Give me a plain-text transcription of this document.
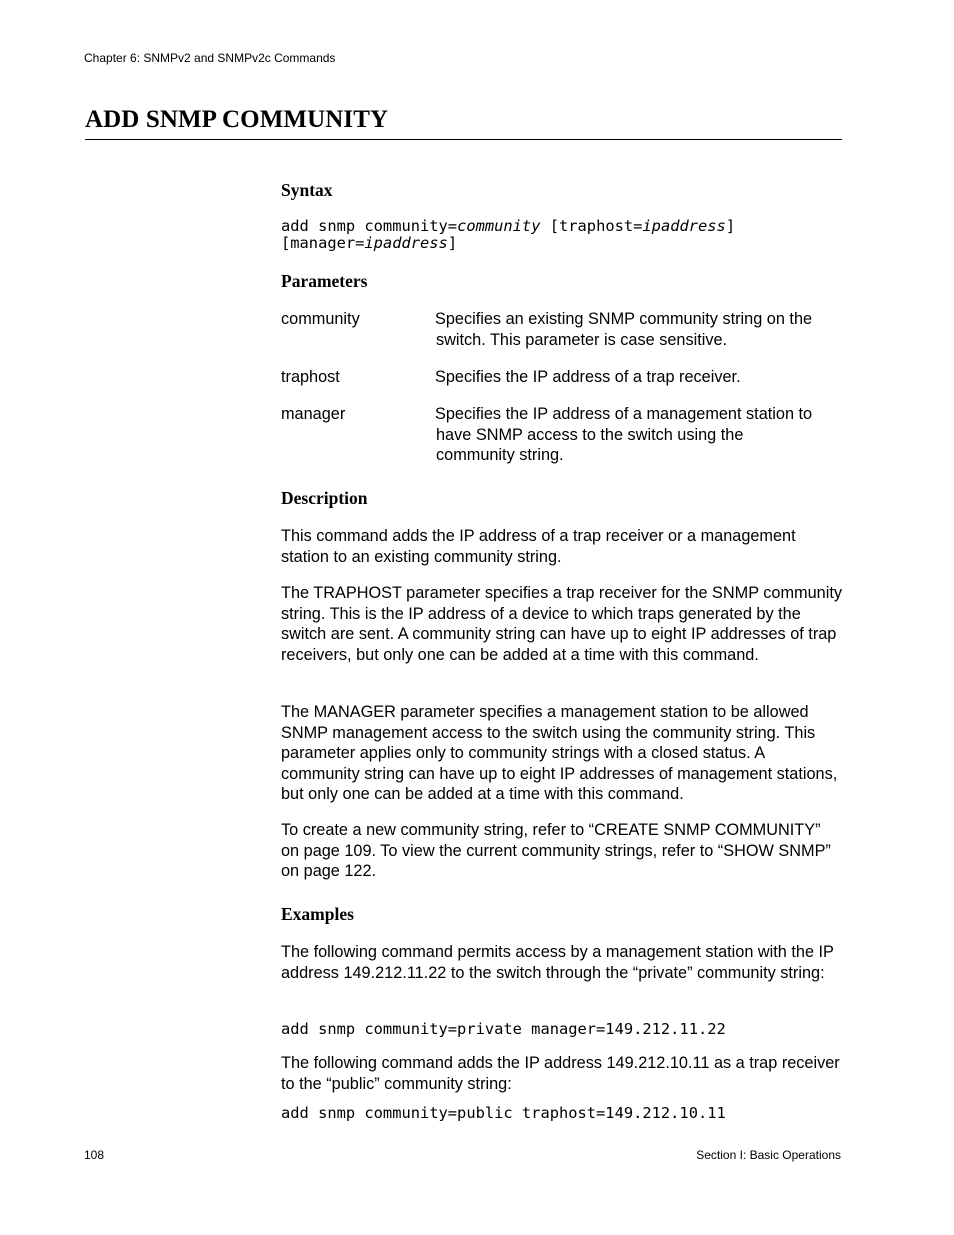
Chapter 6: SNMPv2 and SNMPv2c Commands
ADD SNMP COMMUNITY
Syntax
add snmp community=community [traphost=ipaddress]
[manager=ipaddress]
Parameters
community	Specifies an existing SNMP community string on the
switch. This parameter is case sensitive.
traphost	Specifies the IP address of a trap receiver.
manager	Specifies the IP address of a management station to
have SNMP access to the switch using the
community string.
Description

This command adds the IP address of a trap receiver or a management station to an existing community string.

The TRAPHOST parameter specifies a trap receiver for the SNMP community string. This is the IP address of a device to which traps generated by the switch are sent. A community string can have up to eight IP addresses of trap receivers, but only one can be added at a time with this command.

The MANAGER parameter specifies a management station to be allowed SNMP management access to the switch using the community string. This parameter applies only to community strings with a closed status. A community string can have up to eight IP addresses of management stations, but only one can be added at a time with this command.

To create a new community string, refer to “CREATE SNMP COMMUNITY” on page 109. To view the current community strings, refer to “SHOW SNMP” on page 122.

Examples

The following command permits access by a management station with the IP address 149.212.11.22 to the switch through the “private” community string:

add snmp community=private manager=149.212.11.22

The following command adds the IP address 149.212.10.11 as a trap receiver to the “public” community string:

add snmp community=public traphost=149.212.10.11
108	Section I: Basic Operations
